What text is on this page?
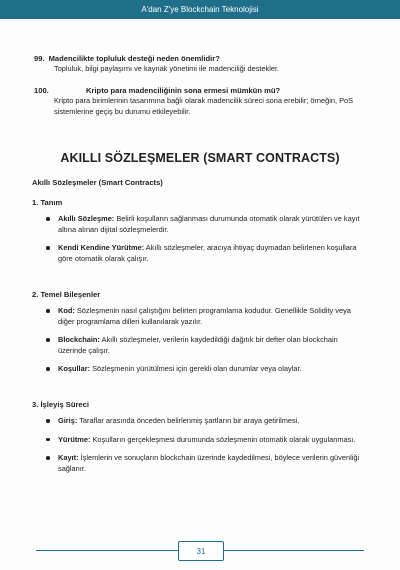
A'dan Z'ye Blockchain Teknolojisi
99. Madencilikte topluluk desteği neden önemlidir?
Topluluk, bilgi paylaşımı ve kaynak yönetimi ile madenciliği destekler.
100.	Kripto para madenciliğinin sona ermesi mümkün mü?
Kripto para birimlerinin tasarımına bağlı olarak madencilik süreci sona erebilir; örneğin, PoS sistemlerine geçiş bu durumu etkileyebilir.
AKILLI SÖZLEŞMELER (SMART CONTRACTS)
Akıllı Sözleşmeler (Smart Contracts)
1. Tanım
Akıllı Sözleşme: Belirli koşulların sağlanması durumunda otomatik olarak yürütülen ve kayıt altına alınan dijital sözleşmelerdir.
Kendi Kendine Yürütme: Akıllı sözleşmeler, aracıya ihtiyaç duymadan belirlenen koşullara göre otomatik olarak çalışır.
2. Temel Bileşenler
Kod: Sözleşmenin nasıl çalıştığını belirten programlama kodudur. Genellikle Solidity veya diğer programlama dilleri kullanılarak yazılır.
Blockchain: Akıllı sözleşmeler, verilerin kaydedildiği dağıtık bir defter olan blockchain üzerinde çalışır.
Koşullar: Sözleşmenin yürütülmesi için gerekli olan durumlar veya olaylar.
3. İşleyiş Süreci
Giriş: Taraflar arasında önceden belirlenmiş şartların bir araya getirilmesi.
Yürütme: Koşulların gerçekleşmesi durumunda sözleşmenin otomatik olarak uygulanması.
Kayıt: İşlemlerin ve sonuçların blockchain üzerinde kaydedilmesi, böylece verilerin güvenliği sağlanır.
31
